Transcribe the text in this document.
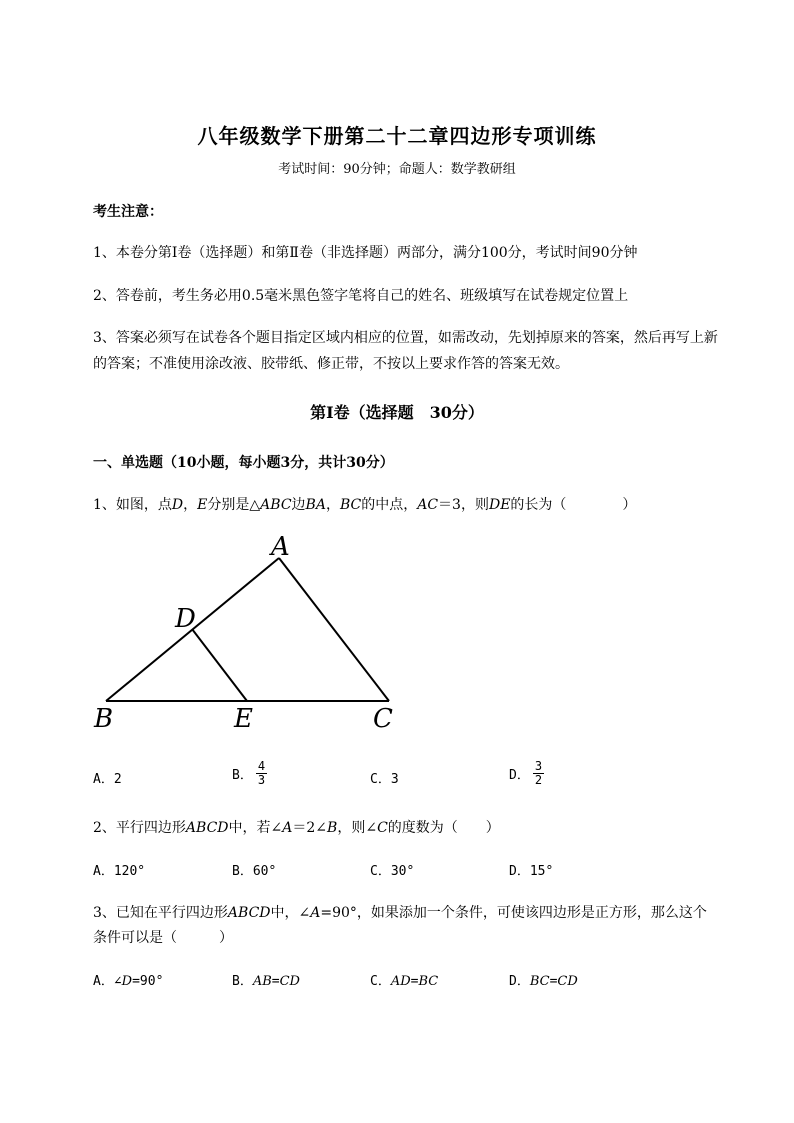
八年级数学下册第二十二章四边形专项训练
考试时间：90分钟；命题人：数学教研组
考生注意：
1、本卷分第I卷（选择题）和第Ⅱ卷（非选择题）两部分，满分100分，考试时间90分钟
2、答卷前，考生务必用0.5毫米黑色签字笔将自己的姓名、班级填写在试卷规定位置上
3、答案必须写在试卷各个题目指定区域内相应的位置，如需改动，先划掉原来的答案，然后再写上新
的答案；不准使用涂改液、胶带纸、修正带，不按以上要求作答的答案无效。
第I卷（选择题　30分）
一、单选题（10小题，每小题3分，共计30分）
1、如图，点D，E分别是△ABC边BA，BC的中点，AC＝3，则DE的长为（　　　　）
A
D
B	E	C
A．2	B． $\frac{4}{3}$	C．3	D． $\frac{3}{2}$
2、平行四边形ABCD中，若∠A＝2∠B，则∠C的度数为（　　）
A．120°	B．60°	C．30°	D．15°
3、已知在平行四边形ABCD中，∠A=90°，如果添加一个条件，可使该四边形是正方形，那么这个
条件可以是（　　　）
A．∠D=90°	B．AB=CD	C．AD=BC	D．BC=CD
